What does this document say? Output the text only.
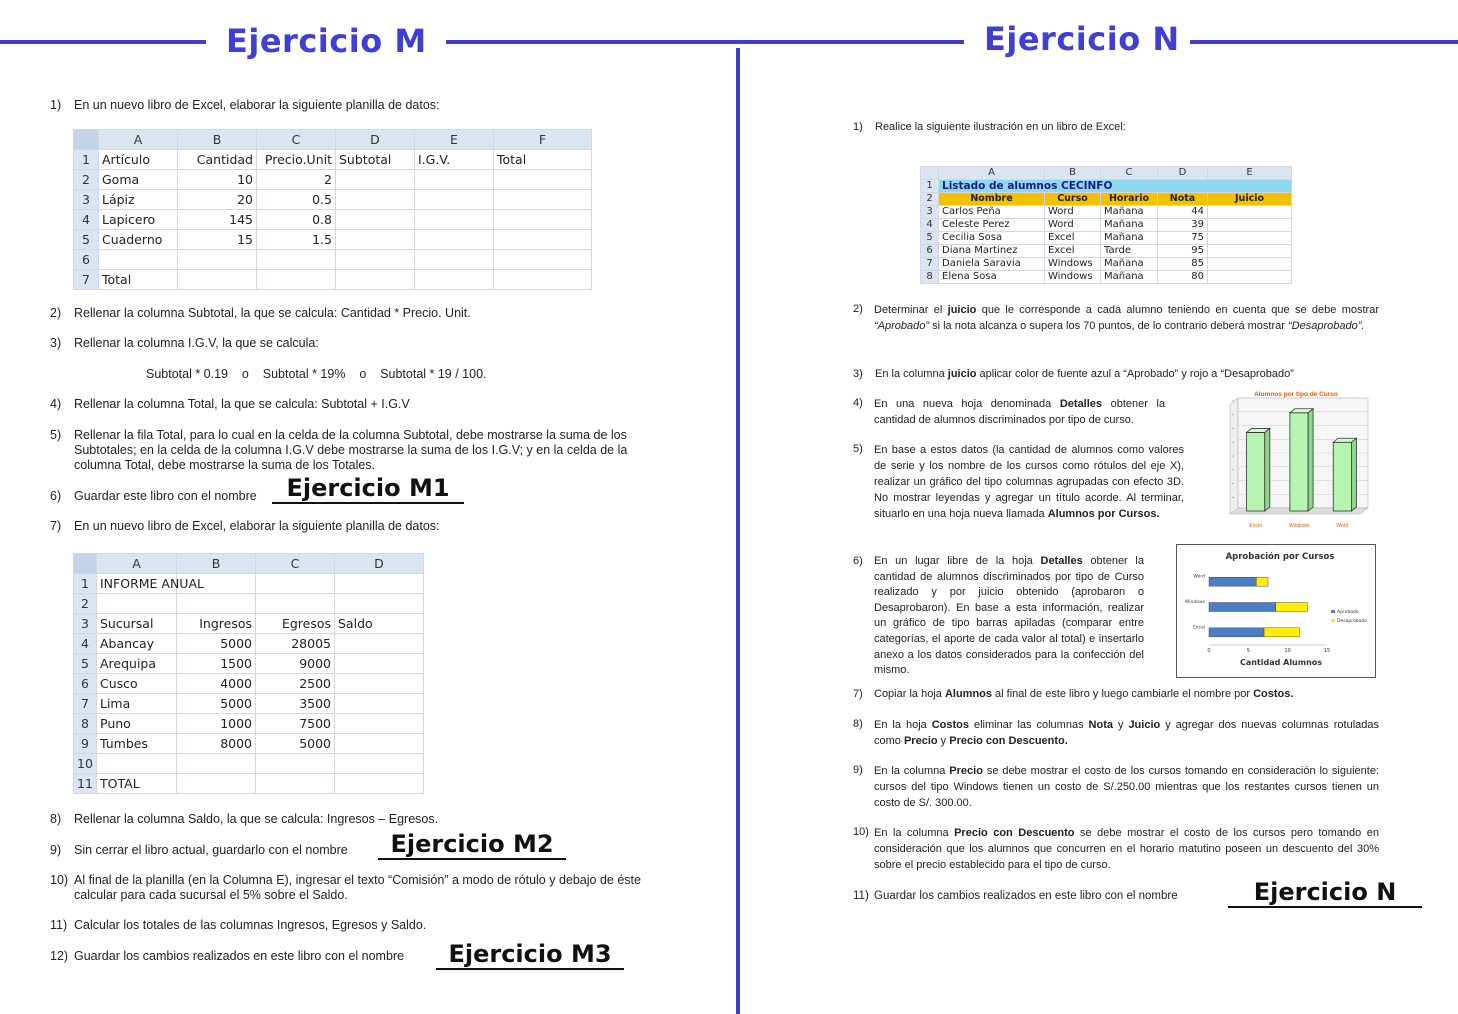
Ejercicio M	Ejercicio N
1) En un nuevo libro de Excel, elaborar la siguiente planilla de datos:
	A	B	C	D	E	F
1	Artículo	Cantidad	Precio.Unit	Subtotal	I.G.V.	Total
2	Goma	10	2			
3	Lápiz	20	0.5			
4	Lapicero	145	0.8			
5	Cuaderno	15	1.5			
6						
7	Total					
2) Rellenar la columna Subtotal, la que se calcula: Cantidad * Precio. Unit.
3) Rellenar la columna I.G.V, la que se calcula:
Subtotal * 0.19    o    Subtotal * 19%    o    Subtotal * 19 / 100.
4) Rellenar la columna Total, la que se calcula: Subtotal + I.G.V
5)	Rellenar la fila Total, para lo cual en la celda de la columna Subtotal, debe mostrarse la suma de los Subtotales; en la celda de la columna I.G.V debe mostrarse la suma de los I.G.V; y en la celda de la columna Total, debe mostrarse la suma de los Totales.
6) Guardar este libro con el nombre	Ejercicio M1
7) En un nuevo libro de Excel, elaborar la siguiente planilla de datos:
	A	B	C	D
1	INFORME ANUAL			
2				
3	Sucursal	Ingresos	Egresos	Saldo
4	Abancay	5000	28005	
5	Arequipa	1500	9000	
6	Cusco	4000	2500	
7	Lima	5000	3500	
8	Puno	1000	7500	
9	Tumbes	8000	5000	
10				
11	TOTAL			
8) Rellenar la columna Saldo, la que se calcula: Ingresos – Egresos.
9) Sin cerrar el libro actual, guardarlo con el nombre	Ejercicio M2
10) Al final de la planilla (en la Columna E), ingresar el texto “Comisión” a modo de rótulo y debajo de éste calcular para cada sucursal el 5% sobre el Saldo.
11) Calcular los totales de las columnas Ingresos, Egresos y Saldo.
12) Guardar los cambios realizados en este libro con el nombre	Ejercicio M3
1) Realice la siguiente ilustración en un libro de Excel:
	A	B	C	D	E
1	Listado de alumnos CECINFO				
2	Nombre	Curso	Horario	Nota	Juicio
3	Carlos Peña	Word	Mañana	44	
4	Celeste Perez	Word	Mañana	39	
5	Cecilia Sosa	Excel	Mañana	75	
6	Diana Martinez	Excel	Tarde	95	
7	Daniela Saravia	Windows	Mañana	85	
8	Elena Sosa	Windows	Mañana	80	
2)	Determinar el juicio que le corresponde a cada alumno teniendo en cuenta que se debe mostrar “Aprobado” si la nota alcanza o supera los 70 puntos, de lo contrario deberá mostrar “Desaprobado”.
3) En la columna juicio aplicar color de fuente azul a “Aprobado” y rojo a “Desaprobado”
4)	En una nueva hoja denominada Detalles obtener la cantidad de alumnos discriminados por tipo de curso.
5)	En base a estos datos (la cantidad de alumnos como valores de serie y los nombre de los cursos como rótulos del eje X), realizar un gráfico del tipo columnas agrupadas con efecto 3D. No mostrar leyendas y agregar un título acorde. Al terminar, situarlo en una hoja nueva llamada Alumnos por Cursos.
Alumnos por tipo de Curso
Excel	Windows	Word
6)	En un lugar libre de la hoja Detalles obtener la cantidad de alumnos discriminados por tipo de Curso realizado y por juicio obtenido (aprobaron o Desaprobaron). En base a esta información, realizar un gráfico de tipo barras apiladas (comparar entre categorías, el aporte de cada valor al total) e insertarlo anexo a los datos considerados para la confección del mismo.
Aprobación por Cursos
Cantidad Alumnos
Word
Windows
Excel
0	5	10	15
Aprobado
Desaprobado
7) Copiar la hoja Alumnos al final de este libro y luego cambiarle el nombre por Costos.
8)	En la hoja Costos eliminar las columnas Nota y Juicio y agregar dos nuevas columnas rotuladas como Precio y Precio con Descuento.
9)	En la columna Precio se debe mostrar el costo de los cursos tomando en consideración lo siguiente: cursos del tipo Windows tienen un costo de S/.250.00 mientras que los restantes cursos tienen un costo de S/. 300.00.
10) En la columna Precio con Descuento se debe mostrar el costo de los cursos pero tomando en consideración que los alumnos que concurren en el horario matutino poseen un descuento del 30% sobre el precio establecido para el tipo de curso.
11) Guardar los cambios realizados en este libro con el nombre	Ejercicio N
